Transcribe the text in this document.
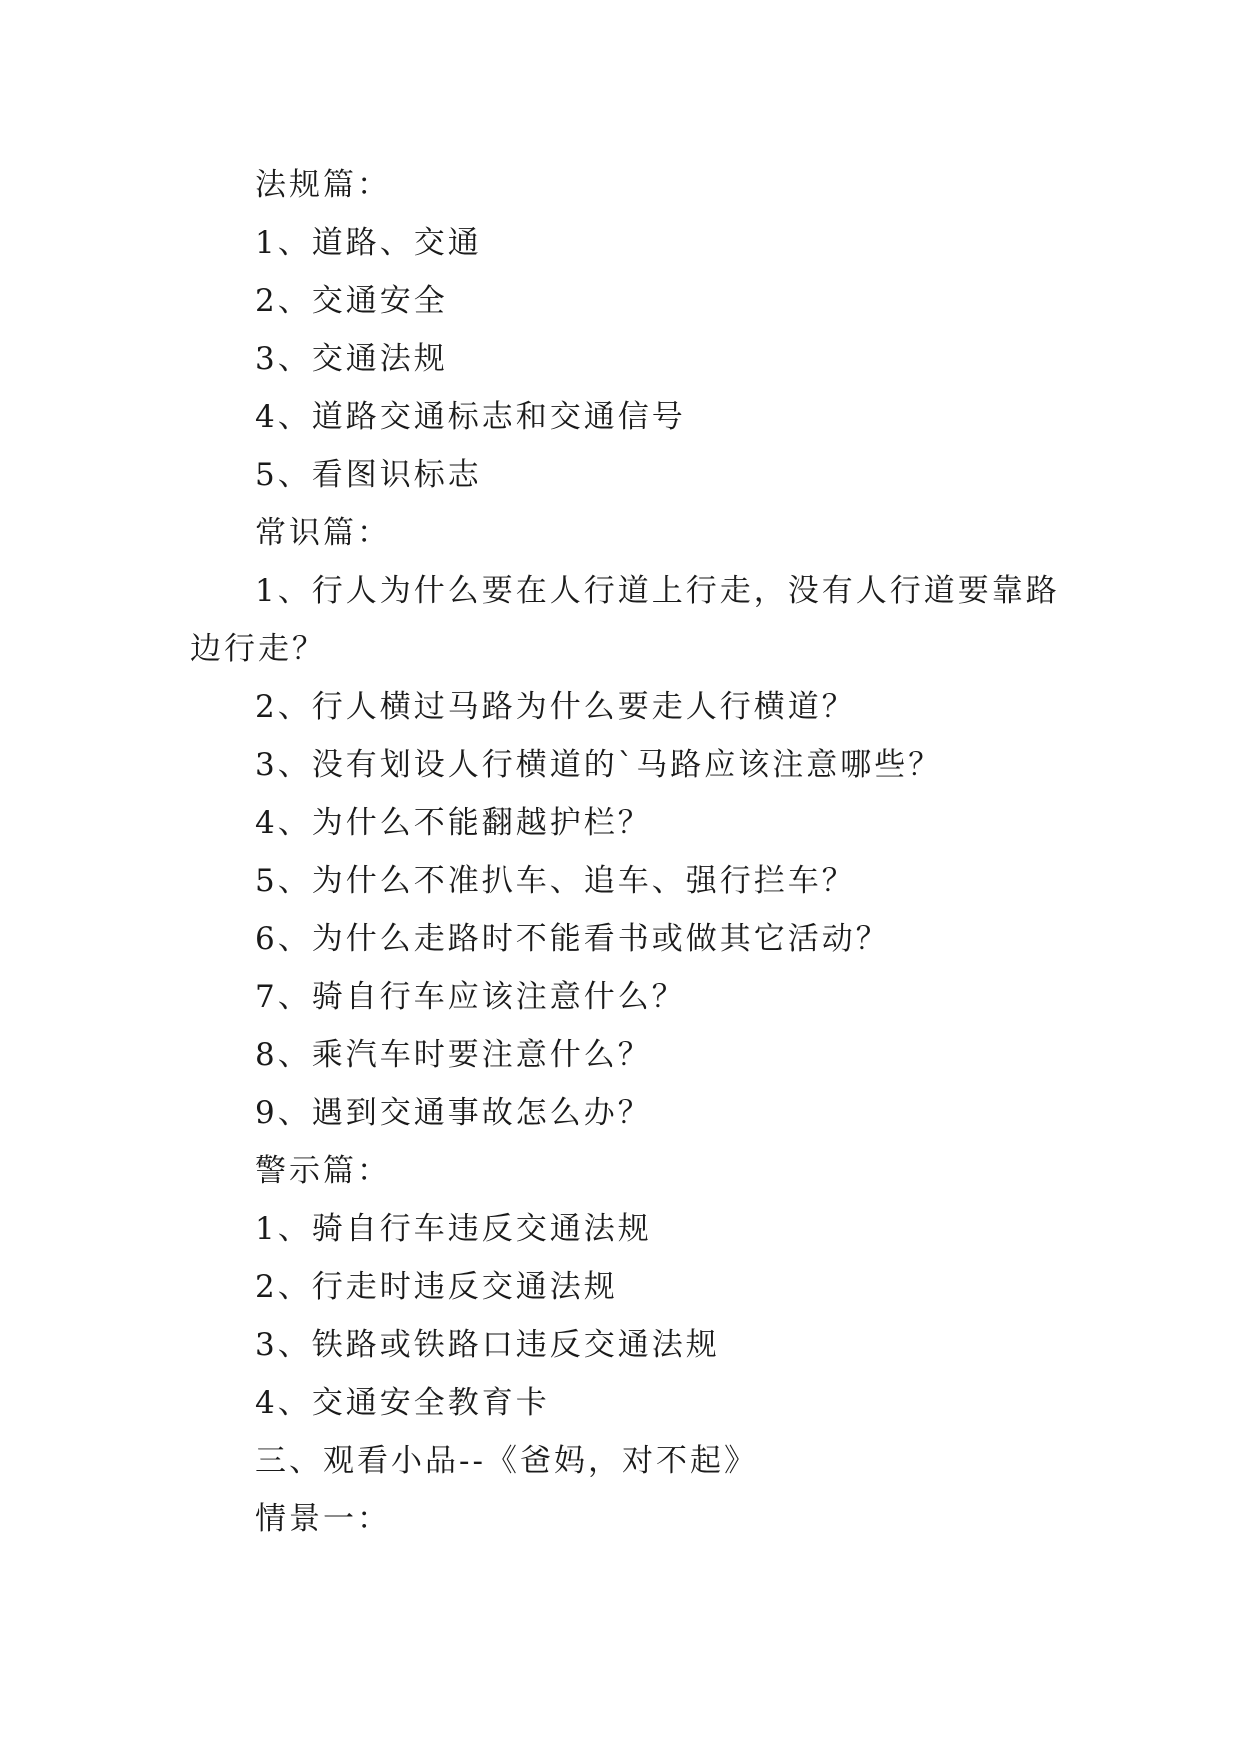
法规篇：

1、道路、交通

2、交通安全

3、交通法规

4、道路交通标志和交通信号

5、看图识标志

常识篇：

1、行人为什么要在人行道上行走，没有人行道要靠路

边行走？

2、行人横过马路为什么要走人行横道？

3、没有划设人行横道的`马路应该注意哪些？

4、为什么不能翻越护栏？

5、为什么不准扒车、追车、强行拦车？

6、为什么走路时不能看书或做其它活动？

7、骑自行车应该注意什么？

8、乘汽车时要注意什么？

9、遇到交通事故怎么办？

警示篇：

1、骑自行车违反交通法规

2、行走时违反交通法规

3、铁路或铁路口违反交通法规

4、交通安全教育卡

三、观看小品--《爸妈，对不起》

情景一：
